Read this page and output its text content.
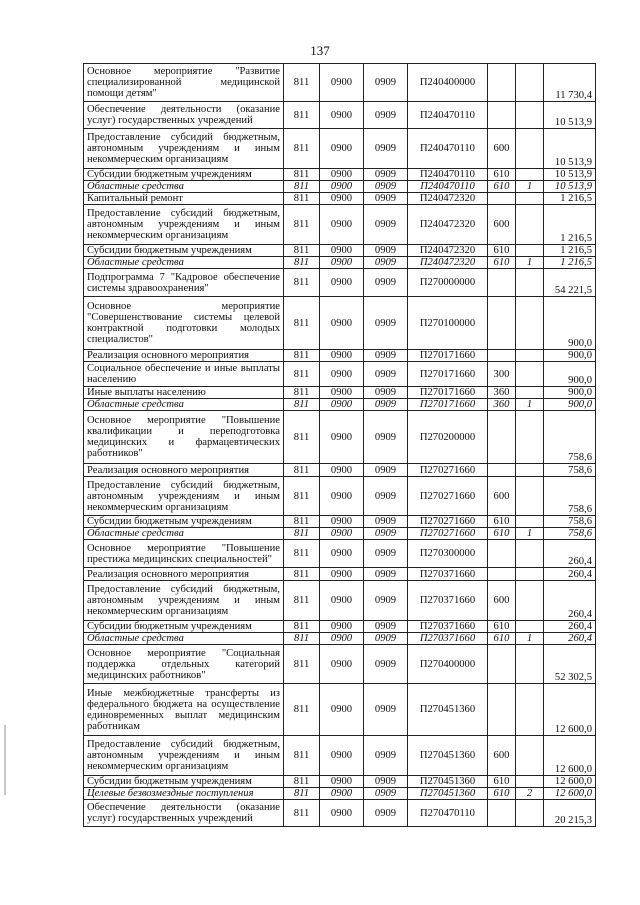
137
Основное мероприятие "Развитие специализированной медицинской помощи детям"	811	0900	0909	П240400000			11 730,4
Обеспечение деятельности (оказание услуг) государственных учреждений	811	0900	0909	П240470110			10 513,9
Предоставление субсидий бюджетным, автономным учреждениям и иным некоммерческим организациям	811	0900	0909	П240470110	600		10 513,9
Субсидии бюджетным учреждениям	811	0900	0909	П240470110	610		10 513,9
Областные средства	811	0900	0909	П240470110	610	1	10 513,9
Капитальный ремонт	811	0900	0909	П240472320			1 216,5
Предоставление субсидий бюджетным, автономным учреждениям и иным некоммерческим организациям	811	0900	0909	П240472320	600		1 216,5
Субсидии бюджетным учреждениям	811	0900	0909	П240472320	610		1 216,5
Областные средства	811	0900	0909	П240472320	610	1	1 216,5
Подпрограмма 7 "Кадровое обеспечение системы здравоохранения"	811	0900	0909	П270000000			54 221,5
Основное мероприятие "Совершенствование системы целевой контрактной подготовки молодых специалистов"	811	0900	0909	П270100000			900,0
Реализация основного мероприятия	811	0900	0909	П270171660			900,0
Социальное обеспечение и иные выплаты населению	811	0900	0909	П270171660	300		900,0
Иные выплаты населению	811	0900	0909	П270171660	360		900,0
Областные средства	811	0900	0909	П270171660	360	1	900,0
Основное мероприятие "Повышение квалификации и переподготовка медицинских и фармацевтических работников"	811	0900	0909	П270200000			758,6
Реализация основного мероприятия	811	0900	0909	П270271660			758,6
Предоставление субсидий бюджетным, автономным учреждениям и иным некоммерческим организациям	811	0900	0909	П270271660	600		758,6
Субсидии бюджетным учреждениям	811	0900	0909	П270271660	610		758,6
Областные средства	811	0900	0909	П270271660	610	1	758,6
Основное мероприятие "Повышение престижа медицинских специальностей"	811	0900	0909	П270300000			260,4
Реализация основного мероприятия	811	0900	0909	П270371660			260,4
Предоставление субсидий бюджетным, автономным учреждениям и иным некоммерческим организациям	811	0900	0909	П270371660	600		260,4
Субсидии бюджетным учреждениям	811	0900	0909	П270371660	610		260,4
Областные средства	811	0900	0909	П270371660	610	1	260,4
Основное мероприятие "Социальная поддержка отдельных категорий медицинских работников"	811	0900	0909	П270400000			52 302,5
Иные межбюджетные трансферты из федерального бюджета на осуществление единовременных выплат медицинским работникам	811	0900	0909	П270451360			12 600,0
Предоставление субсидий бюджетным, автономным учреждениям и иным некоммерческим организациям	811	0900	0909	П270451360	600		12 600,0
Субсидии бюджетным учреждениям	811	0900	0909	П270451360	610		12 600,0
Целевые безвозмездные поступления	811	0900	0909	П270451360	610	2	12 600,0
Обеспечение деятельности (оказание услуг) государственных учреждений	811	0900	0909	П270470110			20 215,3
